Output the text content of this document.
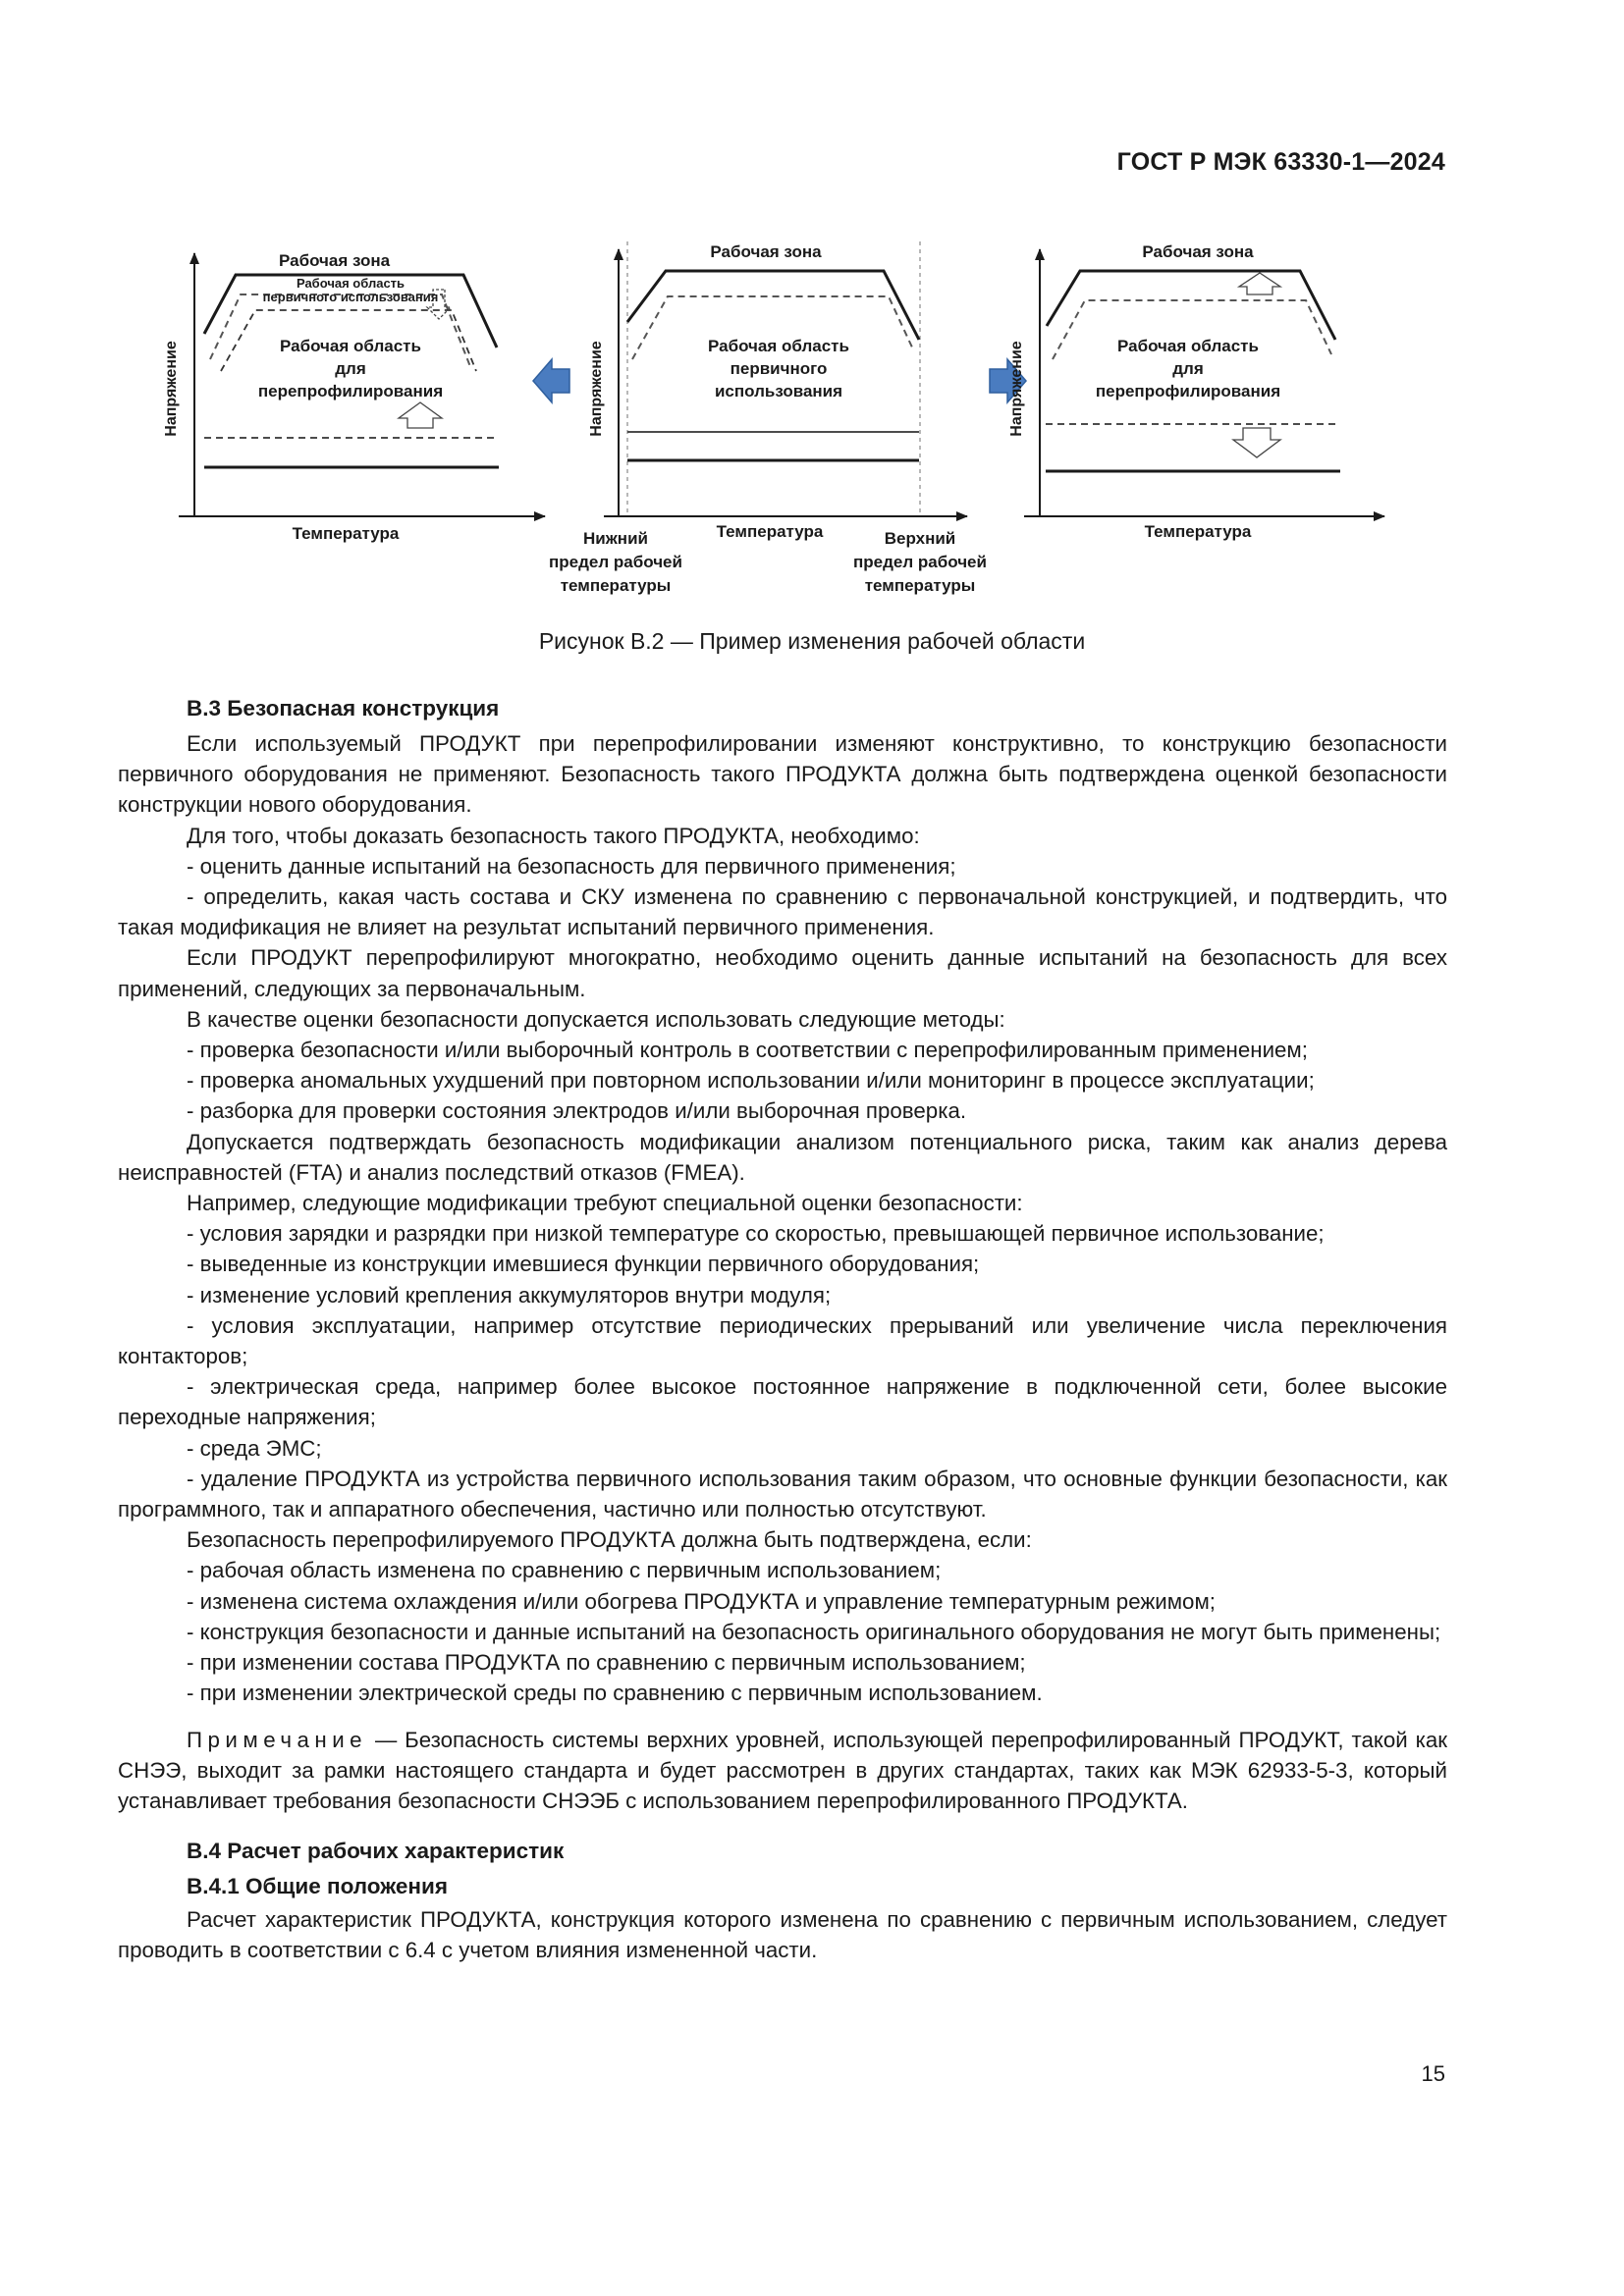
ГОСТ Р МЭК 63330-1—2024
Рабочая зона
Рабочая область
первичного использования
Рабочая область
для
перепрофилирования
Напряжение
Температура
Рабочая зона
Рабочая область
первичного
использования
Напряжение
Температура
Нижний
предел рабочей
температуры
Верхний
предел рабочей
температуры
Рабочая зона
Рабочая область
для
перепрофилирования
Напряжение
Температура
Рисунок В.2 — Пример изменения рабочей области
В.3 Безопасная конструкция

Если используемый ПРОДУКТ при перепрофилировании изменяют конструктивно, то конструкцию безопасности первичного оборудования не применяют. Безопасность такого ПРОДУКТА должна быть подтверждена оценкой безопасности конструкции нового оборудования.

Для того, чтобы доказать безопасность такого ПРОДУКТА, необходимо:

- оценить данные испытаний на безопасность для первичного применения;

- определить, какая часть состава и СКУ изменена по сравнению с первоначальной конструкцией, и подтвердить, что такая модификация не влияет на результат испытаний первичного применения.

Если ПРОДУКТ перепрофилируют многократно, необходимо оценить данные испытаний на безопасность для всех применений, следующих за первоначальным.

В качестве оценки безопасности допускается использовать следующие методы:

- проверка безопасности и/или выборочный контроль в соответствии с перепрофилированным применением;

- проверка аномальных ухудшений при повторном использовании и/или мониторинг в процессе эксплуатации;

- разборка для проверки состояния электродов и/или выборочная проверка.

Допускается подтверждать безопасность модификации анализом потенциального риска, таким как анализ дерева неисправностей (FTA) и анализ последствий отказов (FMEA).

Например, следующие модификации требуют специальной оценки безопасности:

- условия зарядки и разрядки при низкой температуре со скоростью, превышающей первичное использование;

- выведенные из конструкции имевшиеся функции первичного оборудования;

- изменение условий крепления аккумуляторов внутри модуля;

- условия эксплуатации, например отсутствие периодических прерываний или увеличение числа переключения контакторов;

- электрическая среда, например более высокое постоянное напряжение в подключенной сети, более высокие переходные напряжения;

- среда ЭМС;

- удаление ПРОДУКТА из устройства первичного использования таким образом, что основные функции безопасности, как программного, так и аппаратного обеспечения, частично или полностью отсутствуют.

Безопасность перепрофилируемого ПРОДУКТА должна быть подтверждена, если:

- рабочая область изменена по сравнению с первичным использованием;

- изменена система охлаждения и/или обогрева ПРОДУКТА и управление температурным режимом;

- конструкция безопасности и данные испытаний на безопасность оригинального оборудования не могут быть применены;

- при изменении состава ПРОДУКТА по сравнению с первичным использованием;

- при изменении электрической среды по сравнению с первичным использованием.

Примечание — Безопасность системы верхних уровней, использующей перепрофилированный ПРОДУКТ, такой как СНЭЭ, выходит за рамки настоящего стандарта и будет рассмотрен в других стандартах, таких как МЭК 62933-5-3, который устанавливает требования безопасности СНЭЭБ с использованием перепрофилированного ПРОДУКТА.

В.4 Расчет рабочих характеристик
В.4.1 Общие положения

Расчет характеристик ПРОДУКТА, конструкция которого изменена по сравнению с первичным использованием, следует проводить в соответствии с 6.4 с учетом влияния измененной части.

15
